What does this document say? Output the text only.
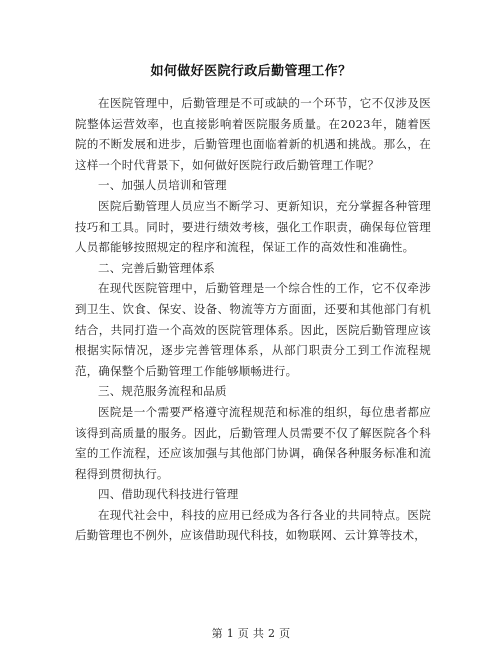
如何做好医院行政后勤管理工作？

在医院管理中，后勤管理是不可或缺的一个环节，它不仅涉及医院整体运营效率，也直接影响着医院服务质量。在2023年，随着医院的不断发展和进步，后勤管理也面临着新的机遇和挑战。那么，在这样一个时代背景下，如何做好医院行政后勤管理工作呢？

一、加强人员培训和管理

医院后勤管理人员应当不断学习、更新知识，充分掌握各种管理技巧和工具。同时，要进行绩效考核，强化工作职责，确保每位管理人员都能够按照规定的程序和流程，保证工作的高效性和准确性。

二、完善后勤管理体系

在现代医院管理中，后勤管理是一个综合性的工作，它不仅牵涉到卫生、饮食、保安、设备、物流等方方面面，还要和其他部门有机结合，共同打造一个高效的医院管理体系。因此，医院后勤管理应该根据实际情况，逐步完善管理体系，从部门职责分工到工作流程规范，确保整个后勤管理工作能够顺畅进行。

三、规范服务流程和品质

医院是一个需要严格遵守流程规范和标准的组织，每位患者都应该得到高质量的服务。因此，后勤管理人员需要不仅了解医院各个科室的工作流程，还应该加强与其他部门协调，确保各种服务标准和流程得到贯彻执行。

四、借助现代科技进行管理

在现代社会中，科技的应用已经成为各行各业的共同特点。医院后勤管理也不例外，应该借助现代科技，如物联网、云计算等技术，

第 1 页 共 2 页
